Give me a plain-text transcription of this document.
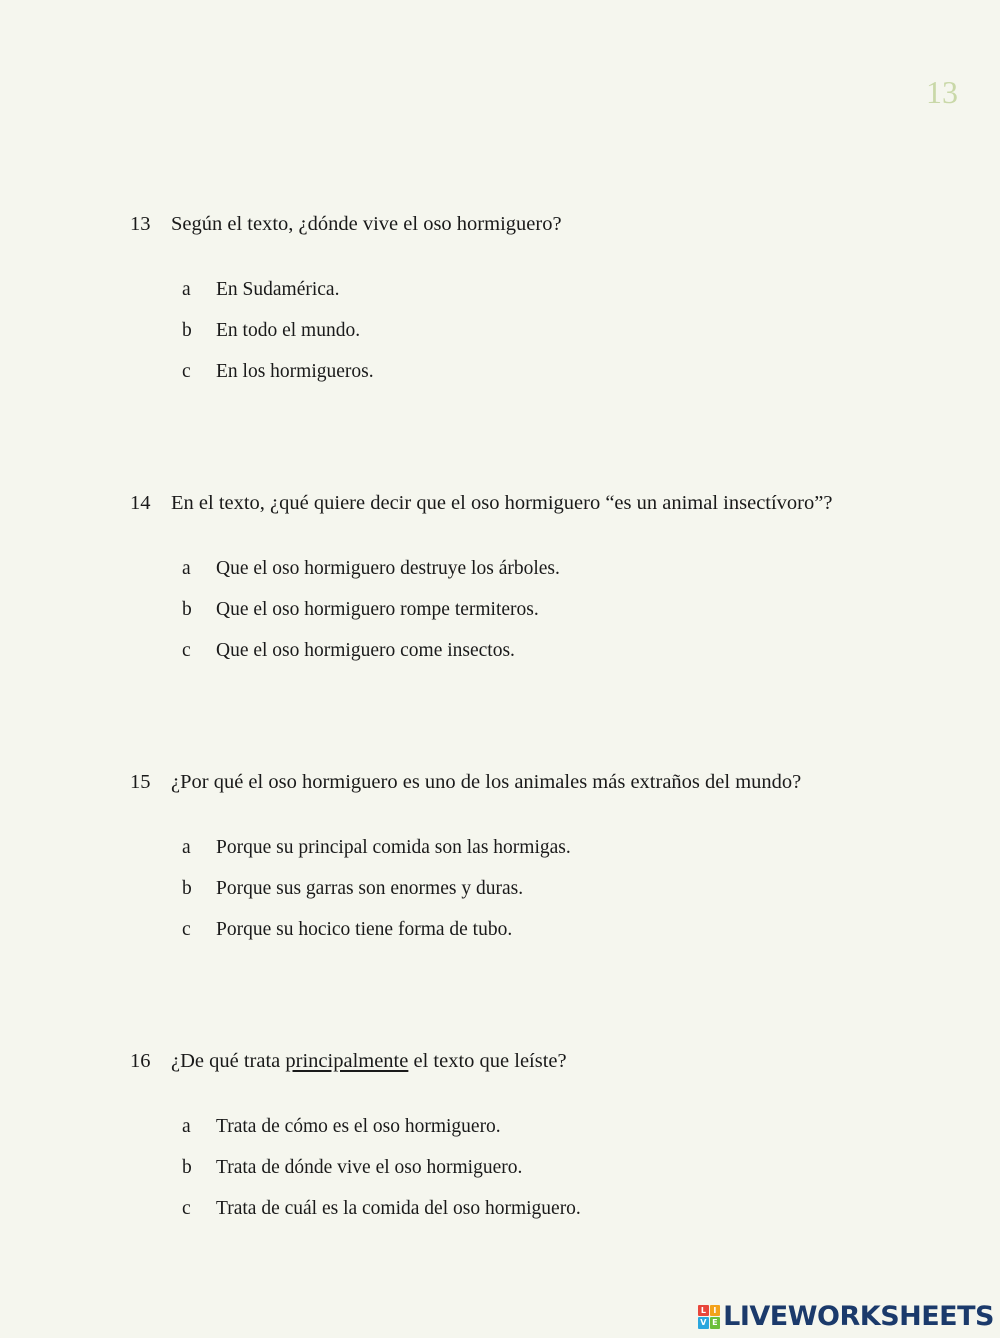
13
13 Según el texto, ¿dónde vive el oso hormiguero?
a En Sudamérica.
b En todo el mundo.
c En los hormigueros.
14 En el texto, ¿qué quiere decir que el oso hormiguero “es un animal insectívoro”?
a Que el oso hormiguero destruye los árboles.
b Que el oso hormiguero rompe termiteros.
c Que el oso hormiguero come insectos.
15 ¿Por qué el oso hormiguero es uno de los animales más extraños del mundo?
a Porque su principal comida son las hormigas.
b Porque sus garras son enormes y duras.
c Porque su hocico tiene forma de tubo.
16 ¿De qué trata principalmente el texto que leíste?
a Trata de cómo es el oso hormiguero.
b Trata de dónde vive el oso hormiguero.
c Trata de cuál es la comida del oso hormiguero.
L I
V E LIVEWORKSHEETS
